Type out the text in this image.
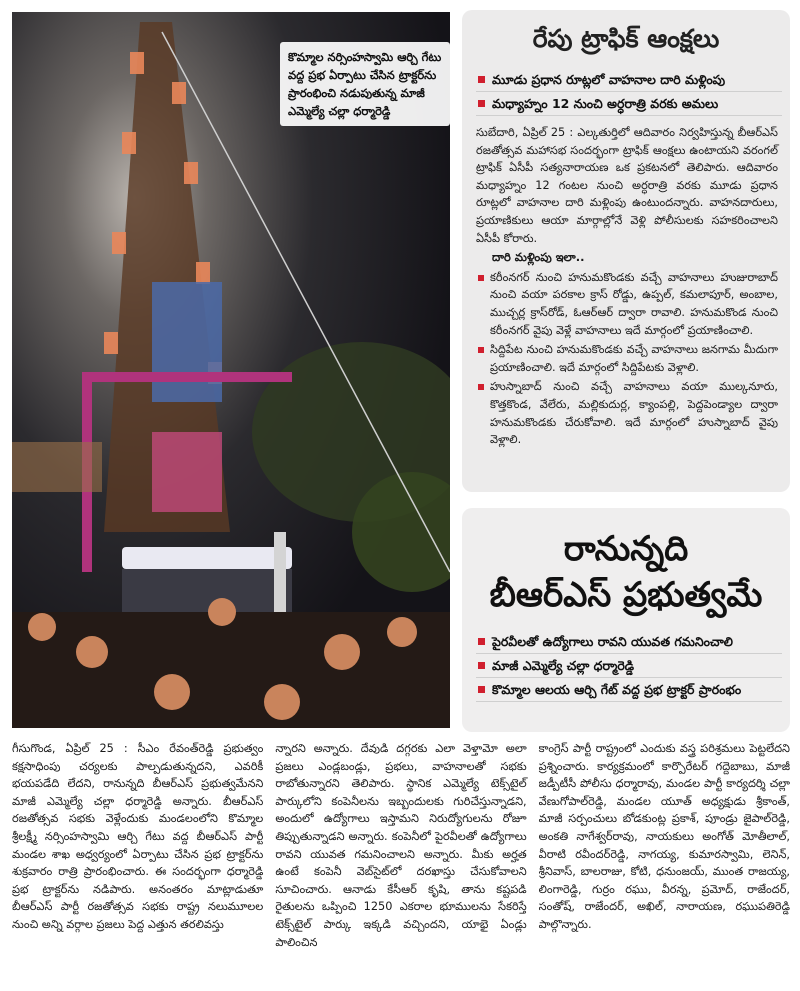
కొమ్మాల నర్సింహస్వామి ఆర్చి గేటు వద్ద ప్రభ ఏర్పాటు చేసిన ట్రాక్టర్‌ను ప్రారంభించి నడుపుతున్న మాజీ ఎమ్మెల్యే చల్లా ధర్మారెడ్డి
రేపు ట్రాఫిక్ ఆంక్షలు
మూడు ప్రధాన రూట్లలో వాహనాల దారి మళ్లింపు
మధ్యాహ్నం 12 నుంచి అర్ధరాత్రి వరకు అమలు
సుబేదారి, ఏప్రిల్ 25 : ఎల్కతుర్తిలో ఆదివారం నిర్వహిస్తున్న బీఆర్ఎస్ రజతోత్సవ మహాసభ సందర్భంగా ట్రాఫిక్ ఆంక్షలు ఉంటాయని వరంగల్ ట్రాఫిక్ ఏసీపీ సత్యనారాయణ ఒక ప్రకటనలో తెలిపారు. ఆదివారం మధ్యాహ్నం 12 గంటల నుంచి అర్ధరాత్రి వరకు మూడు ప్రధాన రూట్లలో వాహనాల దారి మళ్లింపు ఉంటుందన్నారు. వాహనదారులు, ప్రయాణికులు ఆయా మార్గాల్లోనే వెళ్లి పోలీసులకు సహకరించాలని ఏసీపీ కోరారు.
దారి మళ్లింపు ఇలా..
కరీంనగర్ నుంచి హనుమకొండకు వచ్చే వాహనాలు హుజురాబాద్ నుంచి వయా పరకాల క్రాస్ రోడ్డు, ఉప్పల్, కమలాపూర్, అంబాల, ముచ్చర్ల క్రాస్‌రోడ్, ఓఆర్ఆర్ ద్వారా రావాలి. హనుమకొండ నుంచి కరీంనగర్ వైపు వెళ్లే వాహనాలు ఇదే మార్గంలో ప్రయాణించాలి.
సిద్దిపేట నుంచి హనుమకొండకు వచ్చే వాహనాలు జనగామ మీదుగా ప్రయాణించాలి. ఇదే మార్గంలో సిద్దిపేటకు వెళ్లాలి.
హుస్నాబాద్ నుంచి వచ్చే వాహనాలు వయా ముల్కనూరు, కొత్తకొండ, వేలేరు, మల్లికుదుర్ల, క్యాంపల్లి, పెద్దపెండ్యాల ద్వారా హనుమకొండకు చేరుకోవాలి. ఇదే మార్గంలో హుస్నాబాద్ వైపు వెళ్లాలి.
రానున్నది
బీఆర్ఎస్ ప్రభుత్వమే
పైరవీలతో ఉద్యోగాలు రావని యువత గమనించాలి
మాజీ ఎమ్మెల్యే చల్లా ధర్మారెడ్డి
కొమ్మాల ఆలయ ఆర్చి గేట్ వద్ద ప్రభ ట్రాక్టర్ ప్రారంభం
గీసుగొండ, ఏప్రిల్ 25 : సీఎం రేవంత్‌రెడ్డి ప్రభుత్వం కక్షసాధింపు చర్యలకు పాల్పడుతున్నదని, ఎవరికీ భయపడేది లేదని, రానున్నది బీఆర్ఎస్ ప్రభుత్వమేనని మాజీ ఎమ్మెల్యే చల్లా ధర్మారెడ్డి అన్నారు. బీఆర్ఎస్ రజతోత్సవ సభకు వెళ్లేందుకు మండలంలోని కొమ్మాల శ్రీలక్ష్మీ నర్సింహస్వామి ఆర్చి గేటు వద్ద బీఆర్ఎస్ పార్టీ మండల శాఖ అధ్వర్యంలో ఏర్పాటు చేసిన ప్రభ ట్రాక్టర్‌ను శుక్రవారం రాత్రి ప్రారంభించారు. ఈ సందర్భంగా ధర్మారెడ్డి ప్రభ ట్రాక్టర్‌ను నడిపారు. అనంతరం మాట్లాడుతూ బీఆర్ఎస్ పార్టీ రజతోత్సవ సభకు రాష్ట్ర నలుమూలల నుంచి అన్ని వర్గాల ప్రజలు పెద్ద ఎత్తున తరలివస్తు
న్నారని అన్నారు. దేవుడి దగ్గరకు ఎలా వెళ్తామో అలా ప్రజలు ఎండ్లబండ్లు, ప్రభలు, వాహనాలతో సభకు రాబోతున్నారని తెలిపారు. స్థానిక ఎమ్మెల్యే టెక్స్‌టైల్ పార్కులోని కంపెనీలను ఇబ్బందులకు గురిచేస్తున్నాడని, అందులో ఉద్యోగాలు ఇస్తామని నిరుద్యోగులను రోజూ తిప్పుతున్నాడని అన్నారు. కంపెనీలో పైరవీలతో ఉద్యోగాలు రావని యువత గమనించాలని అన్నారు. మీకు అర్హత ఉంటే కంపెనీ వెబ్‌సైట్‌లో దరఖాస్తు చేసుకోవాలని సూచించారు. ఆనాడు కేసీఆర్ కృషి, తాను కష్టపడి రైతులను ఒప్పించి 1250 ఎకరాల భూములను సేకరిస్తే టెక్స్‌టైల్ పార్కు ఇక్కడి వచ్చిందని, యాభై ఏండ్లు పాలించిన
కాంగ్రెస్ పార్టీ రాష్ట్రంలో ఎందుకు వస్త్ర పరిశ్రమలు పెట్టలేదని ప్రశ్నించారు. కార్యక్రమంలో కార్పొరేటర్ గద్దెబాబు, మాజీ జడ్పీటీసీ పోలీసు ధర్మారావు, మండల పార్టీ కార్యదర్శి చల్లా వేణుగోపాల్‌రెడ్డి, మండల యూత్ అధ్యక్షుడు శ్రీకాంత్, మాజీ సర్పంచులు బోడకుంట్ల ప్రకాశ్, పూండ్రు జైపాల్‌రెడ్డి, అంకతి నాగేశ్వర్‌రావు, నాయకులు అంగోత్ మోతీలాల్, వీరాటి రవీందర్‌రెడ్డి, నాగయ్య, కుమారస్వామి, లెనిన్, శ్రీనివాస్, బాలరాజు, కోటి, ధనుంజయ్, ముంత రాజయ్య, లింగారెడ్డి, గుర్రం రఘు, వీరన్న, ప్రమోద్, రాజేందర్, సంతోష్, రాజేందర్, అఖిల్, నారాయణ, రఘుపతిరెడ్డి పాల్గొన్నారు.
